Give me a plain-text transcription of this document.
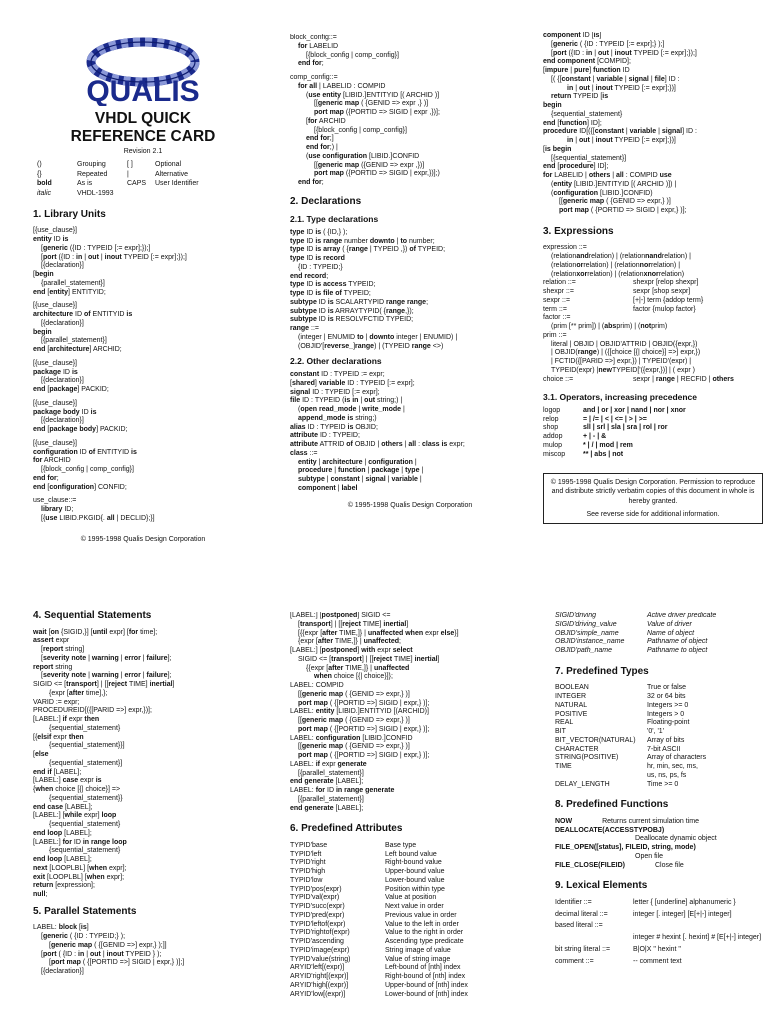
QUALIS
VHDL QUICK
REFERENCE CARD
Revision 2.1
()	Grouping	[ ]	Optional
{}	Repeated	|	Alternative
bold	As is	CAPS	User Identifier
italic	VHDL-1993
1. Library Units
[{use_clause}]
entity ID is
[generic ({ID : TYPEID [:= expr];});]
[port ({ID : in | out | inout TYPEID [:= expr];});]
[{declaration}]
[begin
{parallel_statement}]
end [entity] ENTITYID;
[{use_clause}]
architecture ID of ENTITYID is
[{declaration}]
begin
[{parallel_statement}]
end [architecture] ARCHID;
[{use_clause}]
package ID is
[{declaration}]
end [package] PACKID;
[{use_clause}]
package body ID is
[{declaration}]
end [package body] PACKID;
[{use_clause}]
configuration ID of ENTITYID is
for ARCHID
[{block_config | comp_config}]
end for;
end [configuration] CONFID;
use_clause::=
library ID;
[{use LIBID.PKGID{. all | DECLID};}]
© 1995-1998 Qualis Design Corporation
block_config::=
for LABELID
[{block_config | comp_config}]
end for;
comp_config::=
for all | LABELID : COMPID
(use entity [LIBID.]ENTITYID [( ARCHID )]
[[generic map ( {GENID => expr ,} )]
port map ({PORTID => SIGID | expr ,})];
[for ARCHID
[{block_config | comp_config}]
end for;]
end for;) |
(use configuration [LIBID.]CONFID
[[generic map ({GENID => expr ,})]
port map ({PORTID => SIGID | expr,})];)
end for;
2. Declarations
2.1. Type declarations
type ID is ( {ID,} );
type ID is range number downto | to number;
type ID is array ( {range | TYPEID ,}) of TYPEID;
type ID is record
{ID : TYPEID;}
end record;
type ID is access TYPEID;
type ID is file of TYPEID;
subtype ID is SCALARTYPID range range;
subtype ID is ARRAYTYPID( {range,});
subtype ID is RESOLVFCTID TYPEID;
range ::=
(integer | ENUMID to | downto integer | ENUMID) |
(OBJID'[reverse_]range) | (TYPEID range <>)
2.2. Other declarations
constant ID : TYPEID := expr;
[shared] variable ID : TYPEID [:= expr];
signal ID : TYPEID [:= expr];
file ID : TYPEID (is in | out string;) |
(open read_mode | write_mode |
append_mode is string;)
alias ID : TYPEID is OBJID;
attribute ID : TYPEID;
attribute ATTRID of OBJID | others | all : class is expr;
class ::=
entity | architecture | configuration |
procedure | function | package | type |
subtype | constant | signal | variable |
component | label
© 1995-1998 Qualis Design Corporation
component ID [is]
[generic ( {ID : TYPEID [:= expr];} );]
[port ({ID : in | out | inout TYPEID [:= expr];});]
end component [COMPID];
[impure | pure] function ID
[( {[constant | variable | signal | file] ID :
in | out | inout TYPEID [:= expr];})]
return TYPEID [is
begin
{sequential_statement}
end [function] ID];
procedure ID[({[constant | variable | signal] ID :
in | out | inout TYPEID [:= expr];})]
[is begin
[{sequential_statement}]
end [procedure] ID];
for LABELID | others | all : COMPID use
(entity [LIBID.]ENTITYID [( ARCHID )]) |
(configuration [LIBID.]CONFID)
[[generic map ( {GENID => expr,} )]
port map ( {PORTID => SIGID | expr,} )];
3. Expressions
expression ::=
(relation and relation) | (relation nand relation) |
(relation or relation) | (relation nor relation) |
(relation xor relation) | (relation xnor relation)
relation ::=	shexpr [relop shexpr]
shexpr ::=	sexpr [shop sexpr]
sexpr ::=	[+|-] term {addop term}
term ::=	factor {mulop factor}
factor ::=
(prim [** prim]) | ( abs prim) | ( not prim)
prim ::=
literal | OBJID | OBJID'ATTRID | OBJID({expr,})
| OBJID( range ) | ({[choice [{| choice}] =>] expr,})
| FCTID({[PARID =>] expr,}) | TYPEID'(expr) |
TYPEID(expr) | new TYPEID['({expr,})] | ( expr )
choice ::=	sexpr | range | RECFID | others
3.1. Operators, increasing precedence
logop	and | or | xor | nand | nor | xnor
relop	= | /= | < | <= | > | >=
shop	sll | srl | sla | sra | rol | ror
addop	+ | - | &
mulop	* | / | mod | rem
miscop	** | abs | not
© 1995-1998 Qualis Design Corporation. Permission to reproduce and distribute strictly verbatim copies of this document in whole is hereby granted.
See reverse side for additional information.
4. Sequential Statements
wait [on {SIGID,}] [until expr] [for time];
assert expr
[report string]
[severity note | warning | error | failure];
report string
[severity note | warning | error | failure];
SIGID <= [transport] | [[reject TIME] inertial]
{expr [after time],};
VARID := expr;
PROCEDUREID[({[PARID =>] expr,})];
[LABEL:] if expr then
{sequential_statement}
[{elsif expr then
{sequential_statement}}]
[else
{sequential_statement}]
end if [LABEL];
[LABEL:] case expr is
{when choice [{| choice}] =>
{sequential_statement}}
end case [LABEL];
[LABEL:] [while expr] loop
{sequential_statement}
end loop [LABEL];
[LABEL:] for ID in range loop
{sequential_statement}
end loop [LABEL];
next [LOOPLBL] [when expr];
exit [LOOPLBL] [when expr];
return [expression];
null;
5. Parallel Statements
LABEL: block [is]
[generic ( {ID : TYPEID;} );
[generic map ( {[GENID =>] expr,} );]]
[port ( {ID : in | out | inout TYPEID } );
[port map ( {[PORTID =>] SIGID | expr,} )];]
[{declaration}]
[LABEL:] [postponed] SIGID <=
[transport] | [[reject TIME] inertial]
[{{expr [after TIME,]} | unaffected when expr else}]
{expr [after TIME,]} | unaffected;
[LABEL:] [postponed] with expr select
SIGID <= [transport] | [[reject TIME] inertial]
{{expr [after TIME,]} | unaffected
when choice [{| choice}]};
LABEL: COMPID
[[generic map ( {GENID => expr,} )]
port map ( {[PORTID =>] SIGID | expr,} )];
LABEL: entity [LIBID.]ENTITYID [(ARCHID)]
[[generic map ( {GENID => expr,} )]
port map ( {[PORTID =>] SIGID | expr,} )];
LABEL: configuration [LIBID.]CONFID
[[generic map ( {GENID => expr,} )]
port map ( {[PORTID =>] SIGID | expr,} )];
LABEL: if expr generate
[{parallel_statement}]
end generate [LABEL];
LABEL: for ID in range generate
[{parallel_statement}]
end generate [LABEL];
6. Predefined Attributes
TYPID'base	Base type
TYPID'left	Left bound value
TYPID'right	Right-bound value
TYPID'high	Upper-bound value
TYPID'low	Lower-bound value
TYPID'pos(expr)	Position within type
TYPID'val(expr)	Value at position
TYPID'succ(expr)	Next value in order
TYPID'pred(expr)	Previous value in order
TYPID'leftof(expr)	Value to the left in order
TYPID'rightof(expr)	Value to the right in order
TYPID'ascending	Ascending type predicate
TYPID'image(expr)	String image of value
TYPID'value(string)	Value of string image
ARYID'left[(expr)]	Left-bound of [nth] index
ARYID'right[(expr)]	Right-bound of [nth] index
ARYID'high[(expr)]	Upper-bound of [nth] index
ARYID'low[(expr)]	Lower-bound of [nth] index
SIGID'driving	Active driver predicate
SIGID'driving_value	Value of driver
OBJID'simple_name	Name of object
OBJID'instance_name	Pathname of object
OBJID'path_name	Pathname to object
7. Predefined Types
BOOLEAN	True or false
INTEGER	32 or 64 bits
NATURAL	Integers >= 0
POSITIVE	Integers > 0
REAL	Floating-point
BIT	'0', '1'
BIT_VECTOR(NATURAL)	Array of bits
CHARACTER	7-bit ASCII
STRING(POSITIVE)	Array of characters
TIME	hr, min, sec, ms,
us, ns, ps, fs
DELAY_LENGTH	Time >= 0
8. Predefined Functions
NOW	Returns current simulation time
DEALLOCATE(ACCESSTYPOBJ)
Deallocate dynamic object
FILE_OPEN([status], FILEID, string, mode)
Open file
FILE_CLOSE(FILEID)	Close file
9. Lexical Elements
Identifier ::=	letter { [underline] alphanumeric }
decimal literal ::=	integer [. integer] [E[+|-] integer]
based literal ::=
integer # hexint [. hexint] # [E[+|-] integer]
bit string literal ::=	B|O|X " hexint "
comment ::=	-- comment text
